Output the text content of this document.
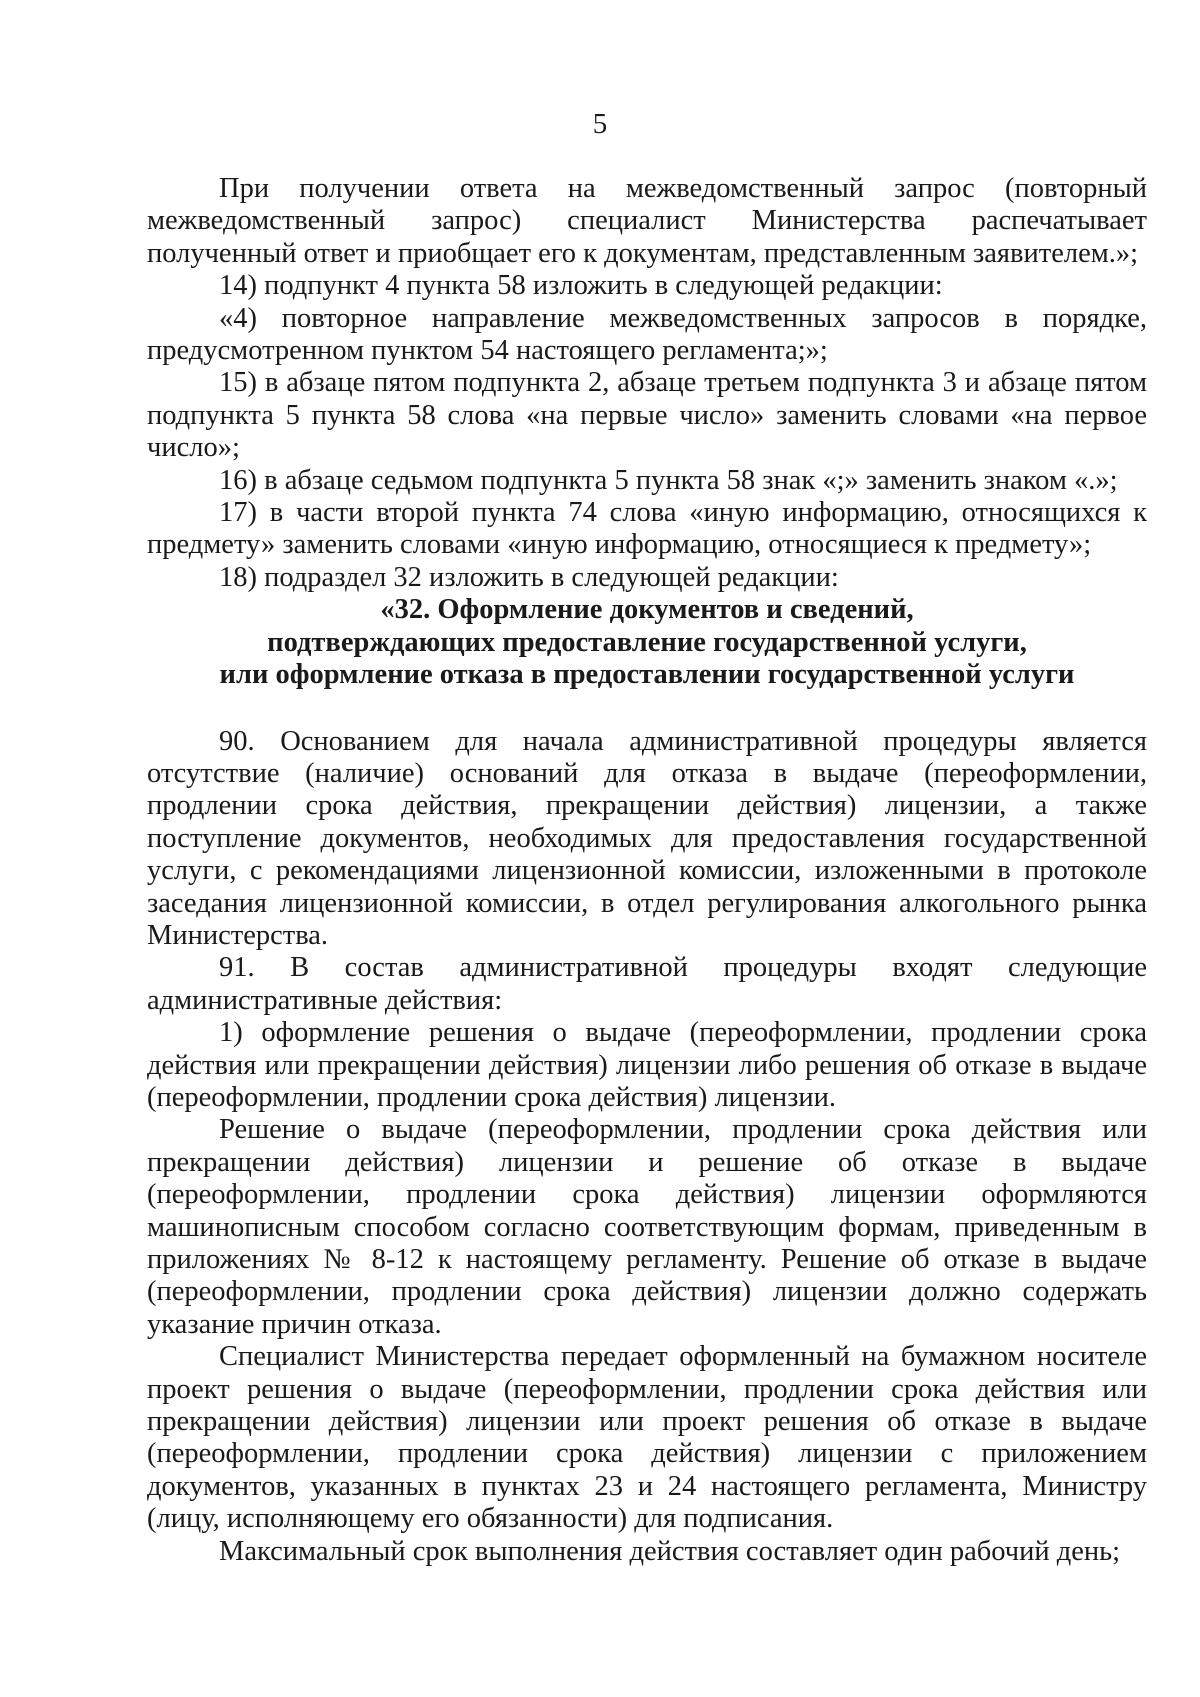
5

При получении ответа на межведомственный запрос (повторный межведомственный запрос) специалист Министерства распечатывает полученный ответ и приобщает его к документам, представленным заявителем.»;

14) подпункт 4 пункта 58 изложить в следующей редакции:

«4) повторное направление межведомственных запросов в порядке, предусмотренном пунктом 54 настоящего регламента;»;

15) в абзаце пятом подпункта 2, абзаце третьем подпункта 3 и абзаце пятом подпункта 5 пункта 58 слова «на первые число» заменить словами «на первое число»;

16) в абзаце седьмом подпункта 5 пункта 58 знак «;» заменить знаком «.»;

17) в части второй пункта 74 слова «иную информацию, относящихся к предмету» заменить словами «иную информацию, относящиеся к предмету»;

18) подраздел 32 изложить в следующей редакции:

«32. Оформление документов и сведений,

подтверждающих предоставление государственной услуги,

или оформление отказа в предоставлении государственной услуги

90. Основанием для начала административной процедуры является отсутствие (наличие) оснований для отказа в выдаче (переоформлении, продлении срока действия, прекращении действия) лицензии, а также поступление документов, необходимых для предоставления государственной услуги, с рекомендациями лицензионной комиссии, изложенными в протоколе заседания лицензионной комиссии, в отдел регулирования алкогольного рынка Министерства.

91. В состав административной процедуры входят следующие административные действия:

1) оформление решения о выдаче (переоформлении, продлении срока действия или прекращении действия) лицензии либо решения об отказе в выдаче (переоформлении, продлении срока действия) лицензии.

Решение о выдаче (переоформлении, продлении срока действия или прекращении действия) лицензии и решение об отказе в выдаче (переоформлении, продлении срока действия) лицензии оформляются машинописным способом согласно соответствующим формам, приведенным в приложениях № 8-12 к настоящему регламенту. Решение об отказе в выдаче (переоформлении, продлении срока действия) лицензии должно содержать указание причин отказа.

Специалист Министерства передает оформленный на бумажном носителе проект решения о выдаче (переоформлении, продлении срока действия или прекращении действия) лицензии или проект решения об отказе в выдаче (переоформлении, продлении срока действия) лицензии с приложением документов, указанных в пунктах 23 и 24 настоящего регламента, Министру (лицу, исполняющему его обязанности) для подписания.

Максимальный срок выполнения действия составляет один рабочий день;
